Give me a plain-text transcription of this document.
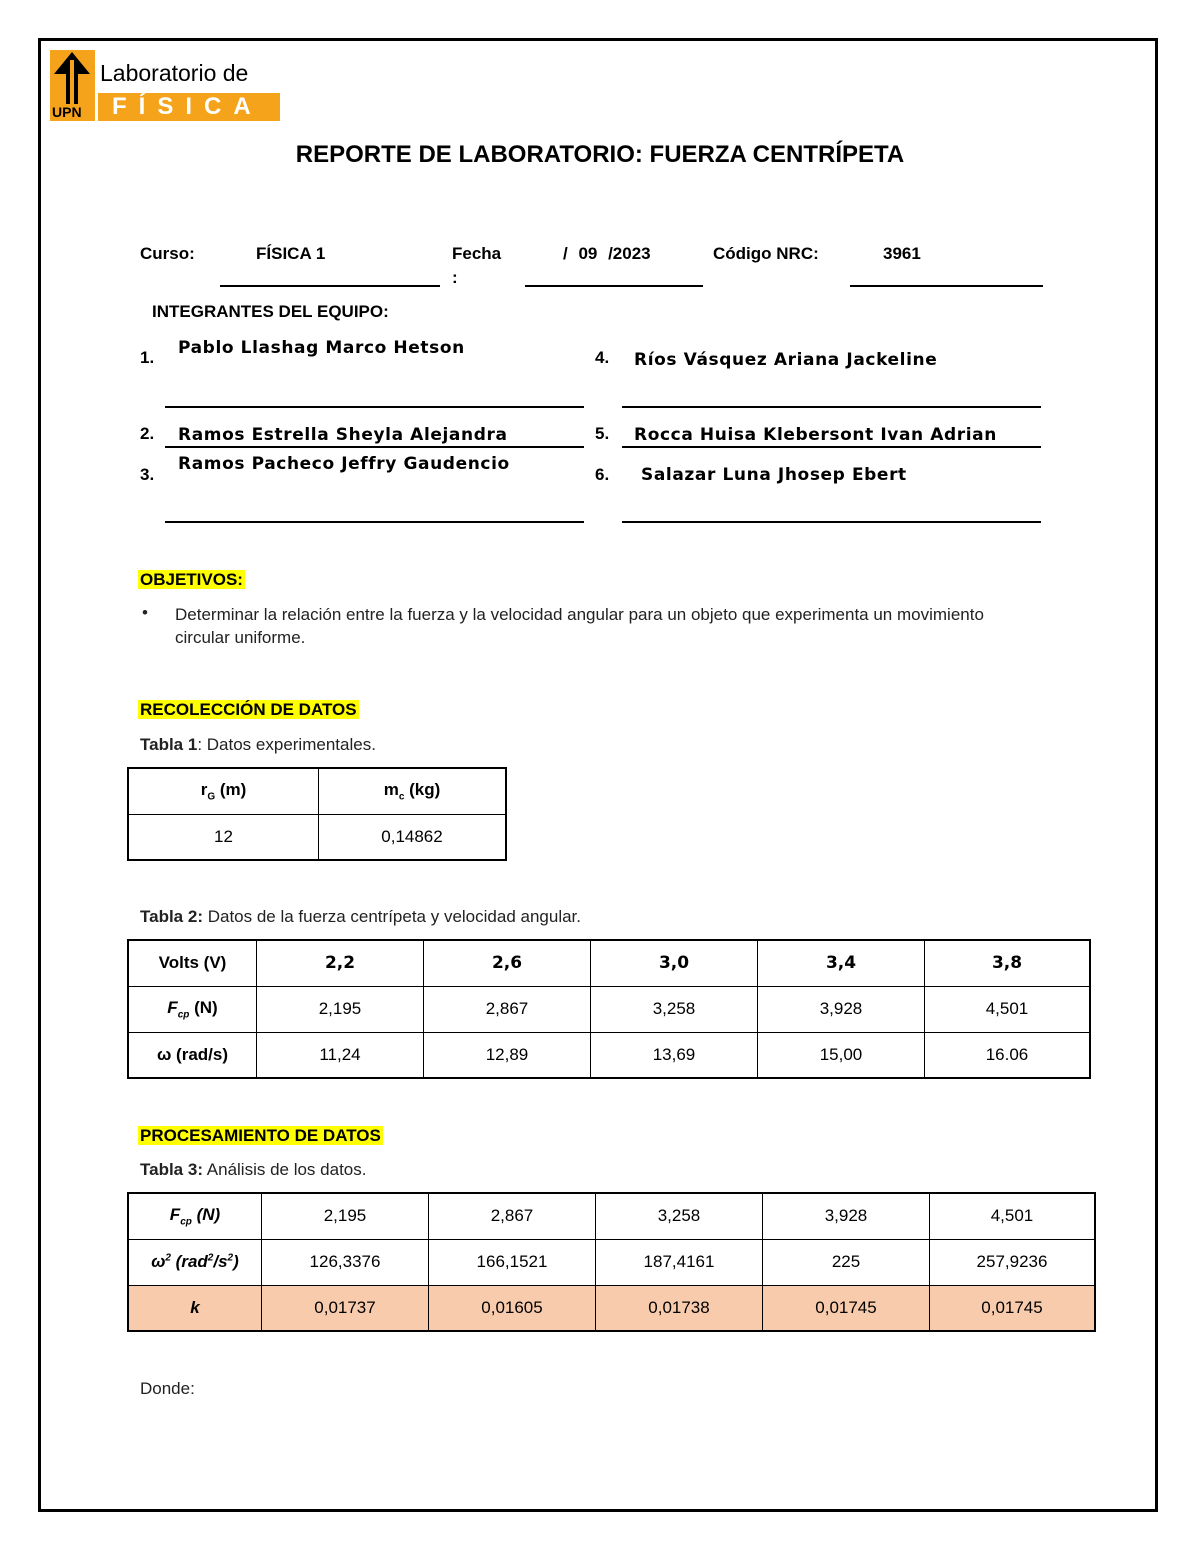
UPN
Laboratorio de
FÍSICA
REPORTE DE LABORATORIO: FUERZA CENTRÍPETA
Curso:	FÍSICA 1	Fecha
:
/ 09 /2023	Código NRC:	3961
INTEGRANTES DEL EQUIPO:
1. Pablo Llashag Marco Hetson
2. Ramos Estrella Sheyla Alejandra
3.
Ramos Pacheco Jeffry Gaudencio
4. Ríos Vásquez Ariana Jackeline
5. Rocca Huisa Klebersont Ivan Adrian
6. Salazar Luna Jhosep Ebert
OBJETIVOS:
• Determinar la relación entre la fuerza y la velocidad angular para un objeto que experimenta un movimiento
circular uniforme.
RECOLECCIÓN DE DATOS
Tabla 1: Datos experimentales.
$r_G$ (m)	$m_c$ (kg)
12	0,14862
Tabla 2: Datos de la fuerza centrípeta y velocidad angular.
Volts (V)	2,2	2,6	3,0	3,4	3,8
$F_{cp}$ (N)	2,195	2,867	3,258	3,928	4,501
ω (rad/s)	11,24	12,89	13,69	15,00	16.06
PROCESAMIENTO DE DATOS
Tabla 3: Análisis de los datos.
$F_{cp}$ (N)	2,195	2,867	3,258	3,928	4,501
$\omega^2$ $(rad^2/s^2)$	126,3376	166,1521	187,4161	225	257,9236
k	0,01737	0,01605	0,01738	0,01745	0,01745
Donde:
